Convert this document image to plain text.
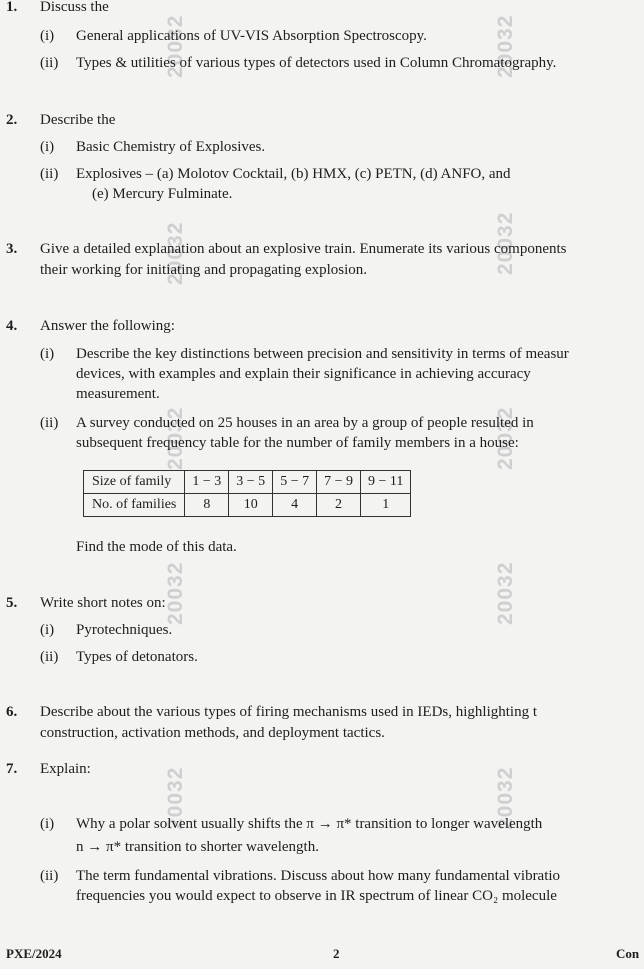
20032	20032
20032	20032
20032	20032
20032	20032
20032	20032
1. Discuss the
(i) General applications of UV-VIS Absorption Spectroscopy.
(ii) Types & utilities of various types of detectors used in Column Chromatography.
2. Describe the
(i) Basic Chemistry of Explosives.
(ii) Explosives – (a) Molotov Cocktail, (b) HMX, (c) PETN, (d) ANFO, and
(e) Mercury Fulminate.
3. Give a detailed explanation about an explosive train. Enumerate its various components
their working for initiating and propagating explosion.
4. Answer the following:
(i) Describe the key distinctions between precision and sensitivity in terms of measur
devices, with examples and explain their significance in achieving accuracy
measurement.
(ii) A survey conducted on 25 houses in an area by a group of people resulted in
subsequent frequency table for the number of family members in a house:
Size of family	1 − 3	3 − 5	5 − 7	7 − 9	9 − 11
No. of families	8	10	4	2	1
Find the mode of this data.
5. Write short notes on:
(i) Pyrotechniques.
(ii) Types of detonators.
6. Describe about the various types of firing mechanisms used in IEDs, highlighting t
construction, activation methods, and deployment tactics.
7. Explain:
(i) Why a polar solvent usually shifts the π → π* transition to longer wavelength
n → π* transition to shorter wavelength.
(ii) The term fundamental vibrations. Discuss about how many fundamental vibratio
frequencies you would expect to observe in IR spectrum of linear CO₂ molecule
PXE/2024	2	Con
